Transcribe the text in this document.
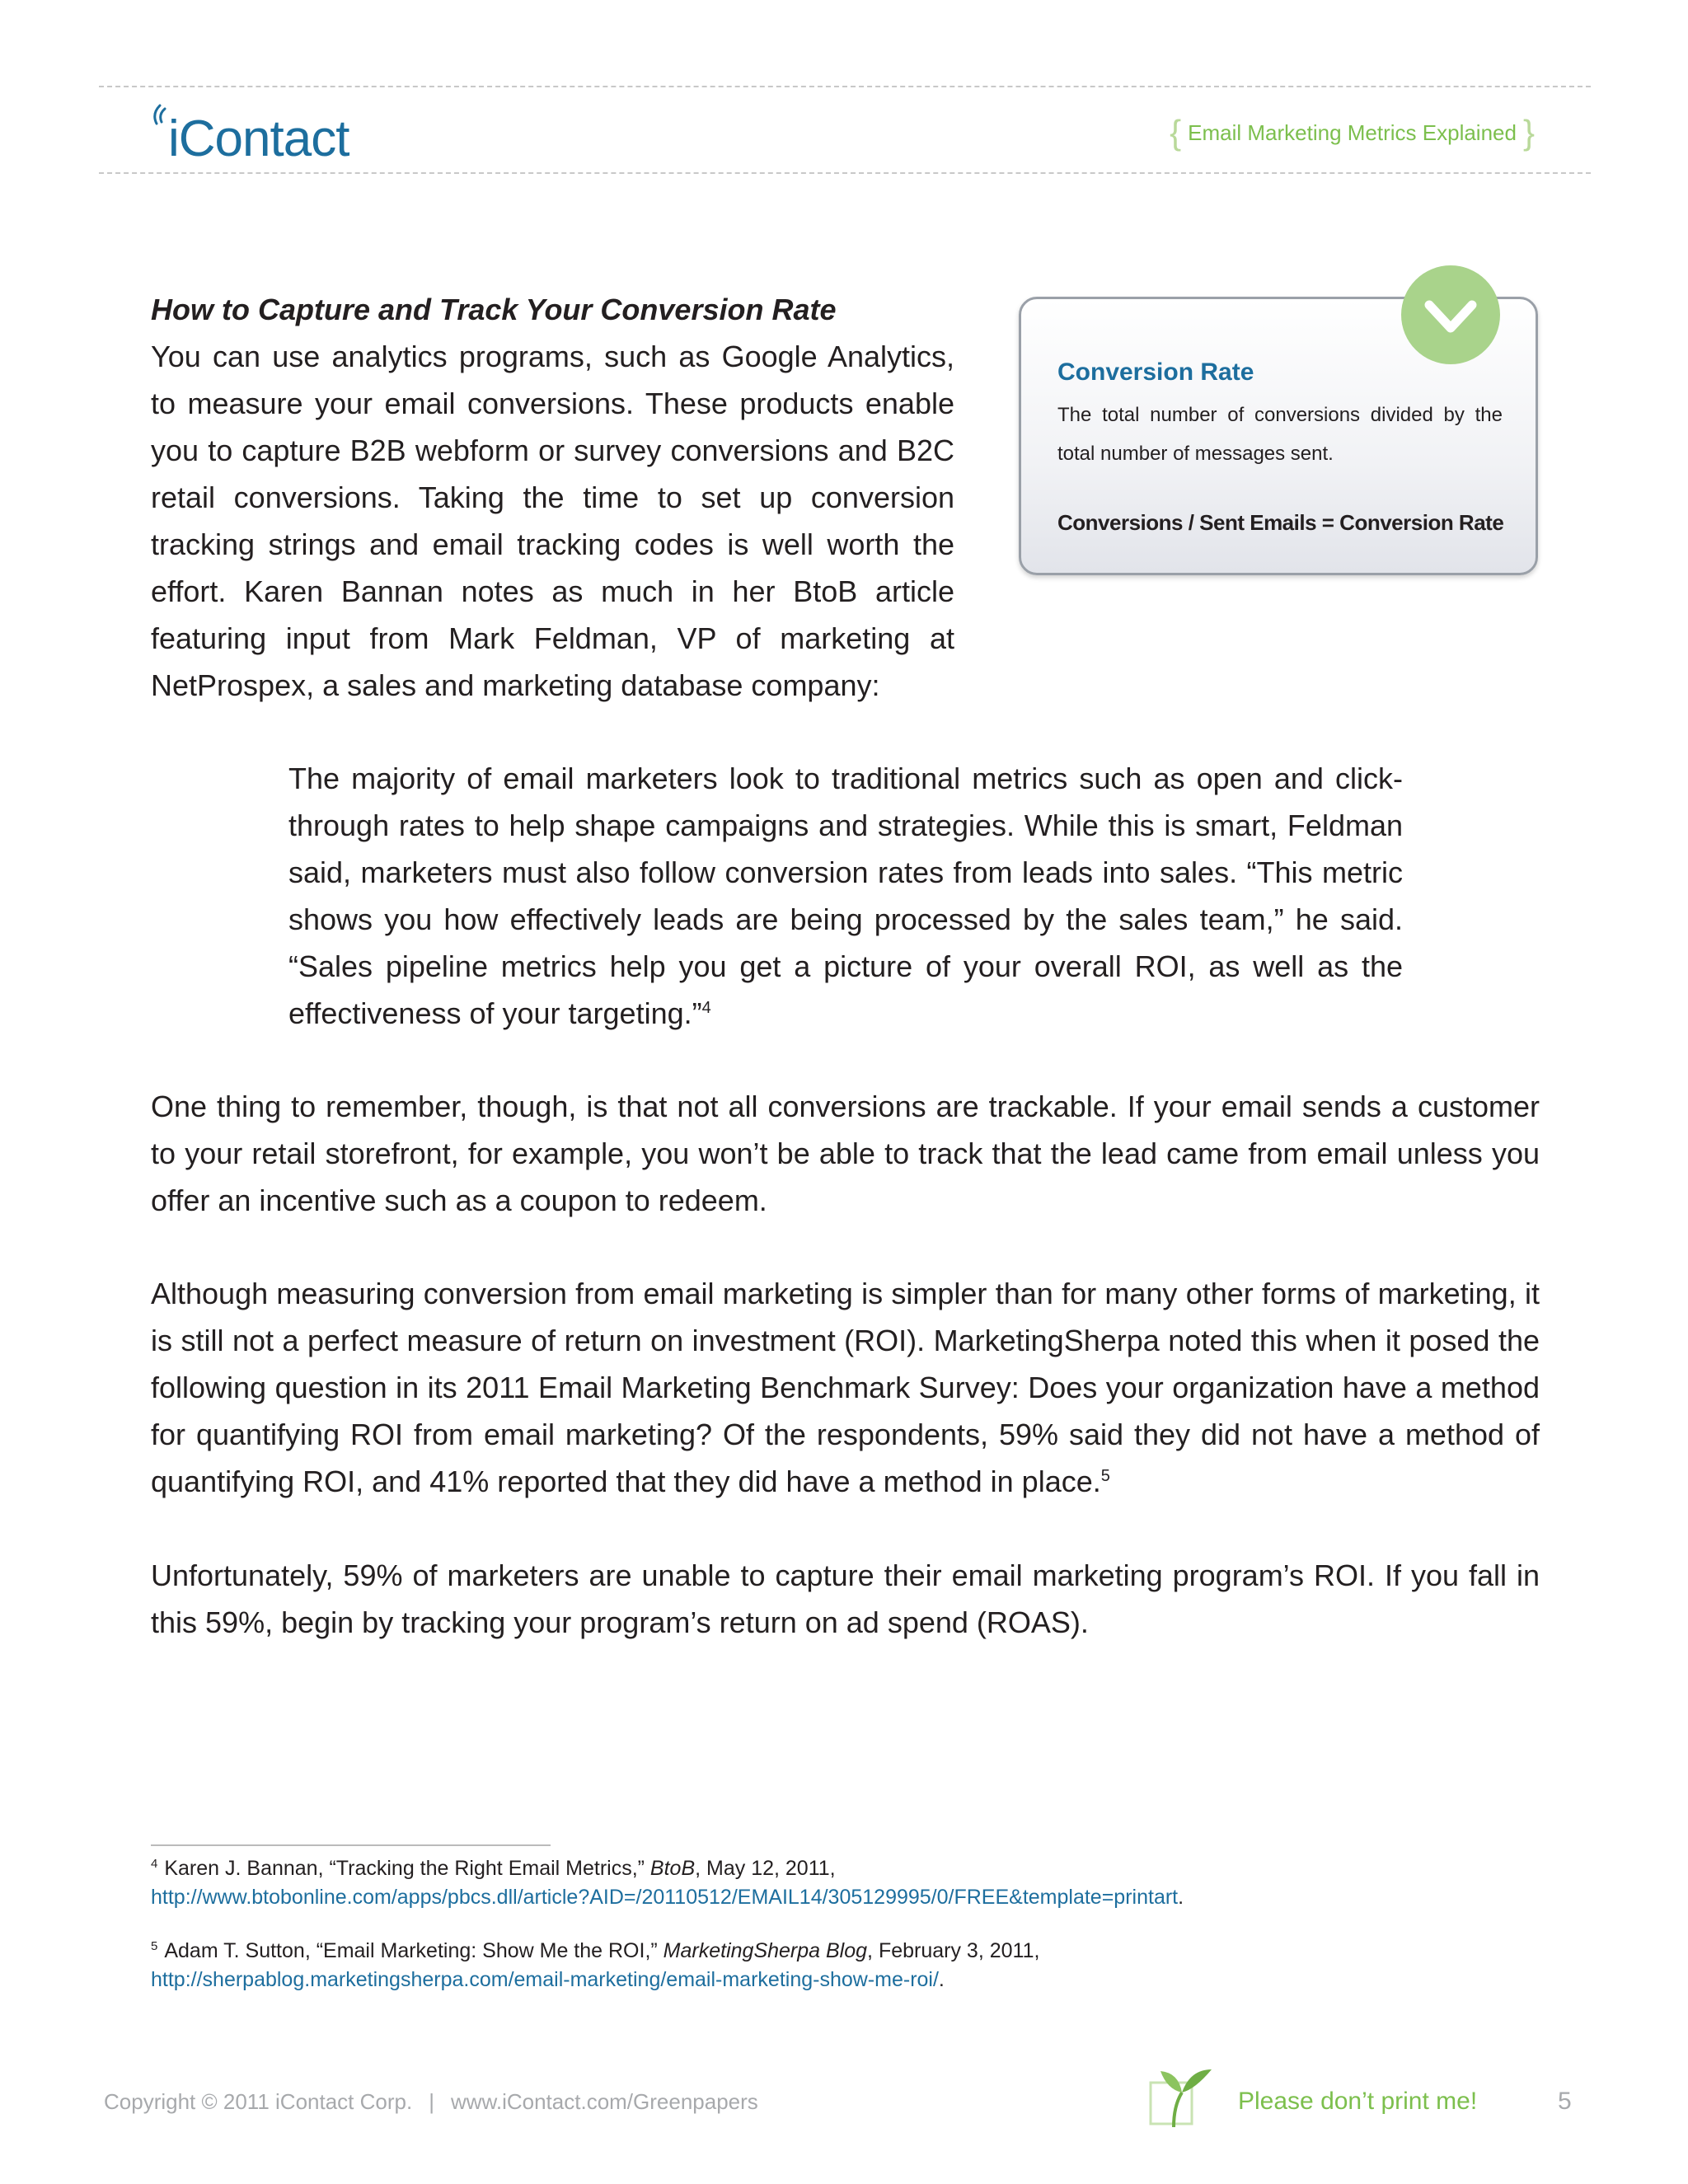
iContact	{ Email Marketing Metrics Explained }
How to Capture and Track Your Conversion Rate

You can use analytics programs, such as Google Analytics, to measure your email conversions. These products enable you to capture B2B webform or survey conversions and B2C retail conversions. Taking the time to set up conversion tracking strings and email tracking codes is well worth the effort. Karen Bannan notes as much in her BtoB article featuring input from Mark Feldman, VP of marketing at NetProspex, a sales and marketing database company:

Conversion Rate
The total number of conversions divided by the total number of messages sent.
Conversions / Sent Emails = Conversion Rate

The majority of email marketers look to traditional metrics such as open and click-through rates to help shape campaigns and strategies. While this is smart, Feldman said, marketers must also follow conversion rates from leads into sales. “This metric shows you how effectively leads are being processed by the sales team,” he said. “Sales pipeline metrics help you get a picture of your overall ROI, as well as the effectiveness of your targeting.”$^4$

One thing to remember, though, is that not all conversions are trackable. If your email sends a customer to your retail storefront, for example, you won’t be able to track that the lead came from email unless you offer an incentive such as a coupon to redeem.

Although measuring conversion from email marketing is simpler than for many other forms of marketing, it is still not a perfect measure of return on investment (ROI). MarketingSherpa noted this when it posed the following question in its 2011 Email Marketing Benchmark Survey: Does your organization have a method for quantifying ROI from email marketing? Of the respondents, 59% said they did not have a method of quantifying ROI, and 41% reported that they did have a method in place.$^5$

Unfortunately, 59% of marketers are unable to capture their email marketing program’s ROI. If you fall in this 59%, begin by tracking your program’s return on ad spend (ROAS).

$^4$ Karen J. Bannan, “Tracking the Right Email Metrics,” BtoB, May 12, 2011,
http://www.btobonline.com/apps/pbcs.dll/article?AID=/20110512/EMAIL14/305129995/0/FREE&template=printart.
$^5$ Adam T. Sutton, “Email Marketing: Show Me the ROI,” MarketingSherpa Blog, February 3, 2011,
http://sherpablog.marketingsherpa.com/email-marketing/email-marketing-show-me-roi/.
Copyright © 2011 iContact Corp. | www.iContact.com/Greenpapers	Please don’t print me!	5
